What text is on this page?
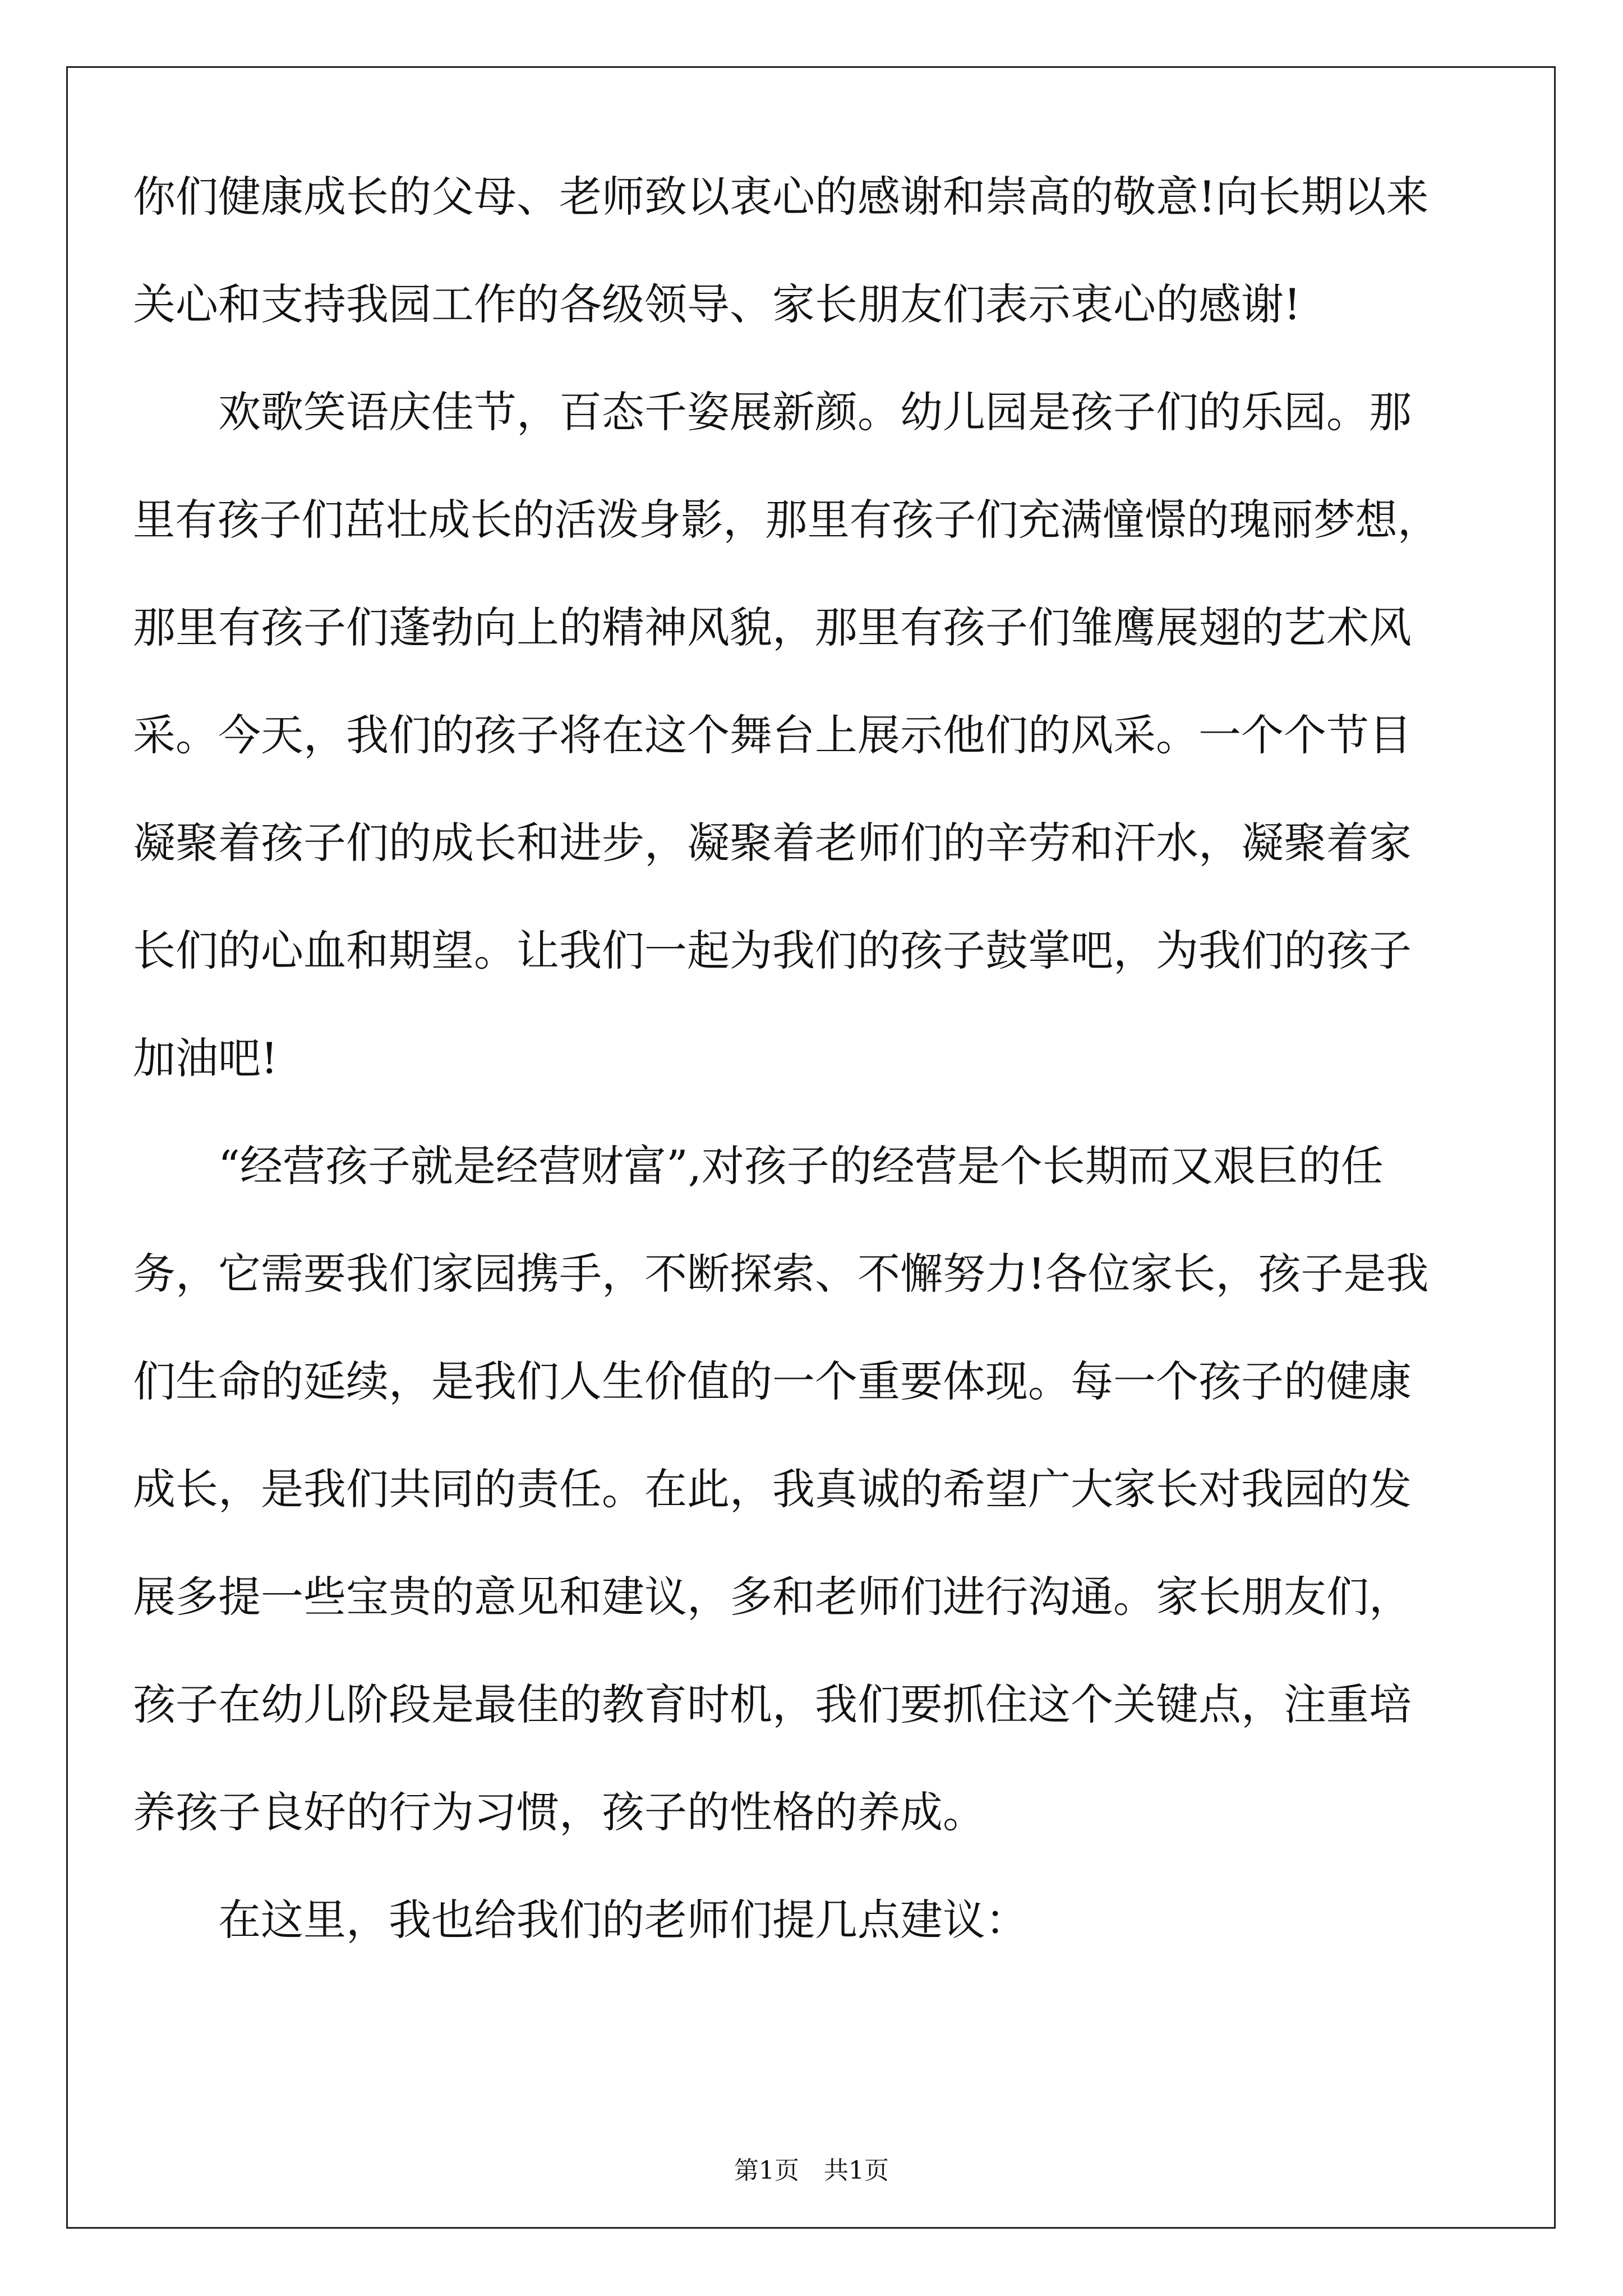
你们健康成长的父母、老师致以衷心的感谢和崇高的敬意!向长期以来
关心和支持我园工作的各级领导、家长朋友们表示衷心的感谢!
欢歌笑语庆佳节，百态千姿展新颜。幼儿园是孩子们的乐园。那
里有孩子们茁壮成长的活泼身影，那里有孩子们充满憧憬的瑰丽梦想，
那里有孩子们蓬勃向上的精神风貌，那里有孩子们雏鹰展翅的艺术风
采。今天，我们的孩子将在这个舞台上展示他们的风采。一个个节目
凝聚着孩子们的成长和进步，凝聚着老师们的辛劳和汗水，凝聚着家
长们的心血和期望。让我们一起为我们的孩子鼓掌吧，为我们的孩子
加油吧!
“经营孩子就是经营财富”,对孩子的经营是个长期而又艰巨的任
务，它需要我们家园携手，不断探索、不懈努力!各位家长，孩子是我
们生命的延续，是我们人生价值的一个重要体现。每一个孩子的健康
成长，是我们共同的责任。在此，我真诚的希望广大家长对我园的发
展多提一些宝贵的意见和建议，多和老师们进行沟通。家长朋友们，
孩子在幼儿阶段是最佳的教育时机，我们要抓住这个关键点，注重培
养孩子良好的行为习惯，孩子的性格的养成。
在这里，我也给我们的老师们提几点建议：
第1页　共1页
